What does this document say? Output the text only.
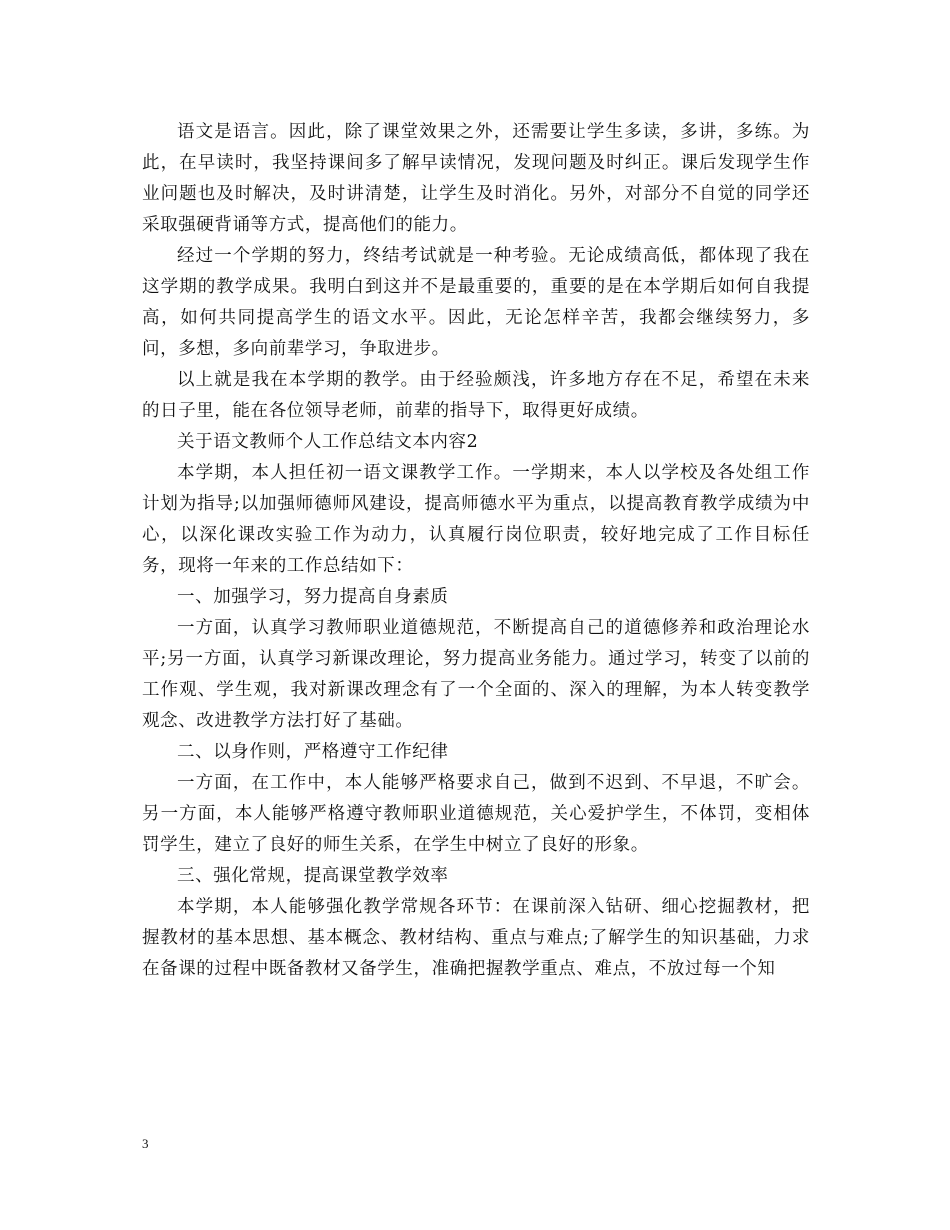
语文是语言。因此，除了课堂效果之外，还需要让学生多读，多讲，多练。为此，在早读时，我坚持课间多了解早读情况，发现问题及时纠正。课后发现学生作业问题也及时解决，及时讲清楚，让学生及时消化。另外，对部分不自觉的同学还采取强硬背诵等方式，提高他们的能力。

经过一个学期的努力，终结考试就是一种考验。无论成绩高低，都体现了我在这学期的教学成果。我明白到这并不是最重要的，重要的是在本学期后如何自我提高，如何共同提高学生的语文水平。因此，无论怎样辛苦，我都会继续努力，多问，多想，多向前辈学习，争取进步。

以上就是我在本学期的教学。由于经验颇浅，许多地方存在不足，希望在未来的日子里，能在各位领导老师，前辈的指导下，取得更好成绩。

关于语文教师个人工作总结文本内容2

本学期，本人担任初一语文课教学工作。一学期来，本人以学校及各处组工作计划为指导;以加强师德师风建设，提高师德水平为重点，以提高教育教学成绩为中心，以深化课改实验工作为动力，认真履行岗位职责，较好地完成了工作目标任务，现将一年来的工作总结如下：

一、加强学习，努力提高自身素质

一方面，认真学习教师职业道德规范，不断提高自己的道德修养和政治理论水平;另一方面，认真学习新课改理论，努力提高业务能力。通过学习，转变了以前的工作观、学生观，我对新课改理念有了一个全面的、深入的理解，为本人转变教学观念、改进教学方法打好了基础。

二、以身作则，严格遵守工作纪律

一方面，在工作中，本人能够严格要求自己，做到不迟到、不早退，不旷会。另一方面，本人能够严格遵守教师职业道德规范，关心爱护学生，不体罚，变相体罚学生，建立了良好的师生关系，在学生中树立了良好的形象。

三、强化常规，提高课堂教学效率

本学期，本人能够强化教学常规各环节：在课前深入钻研、细心挖掘教材，把握教材的基本思想、基本概念、教材结构、重点与难点;了解学生的知识基础，力求在备课的过程中既备教材又备学生，准确把握教学重点、难点，不放过每一个知

3
